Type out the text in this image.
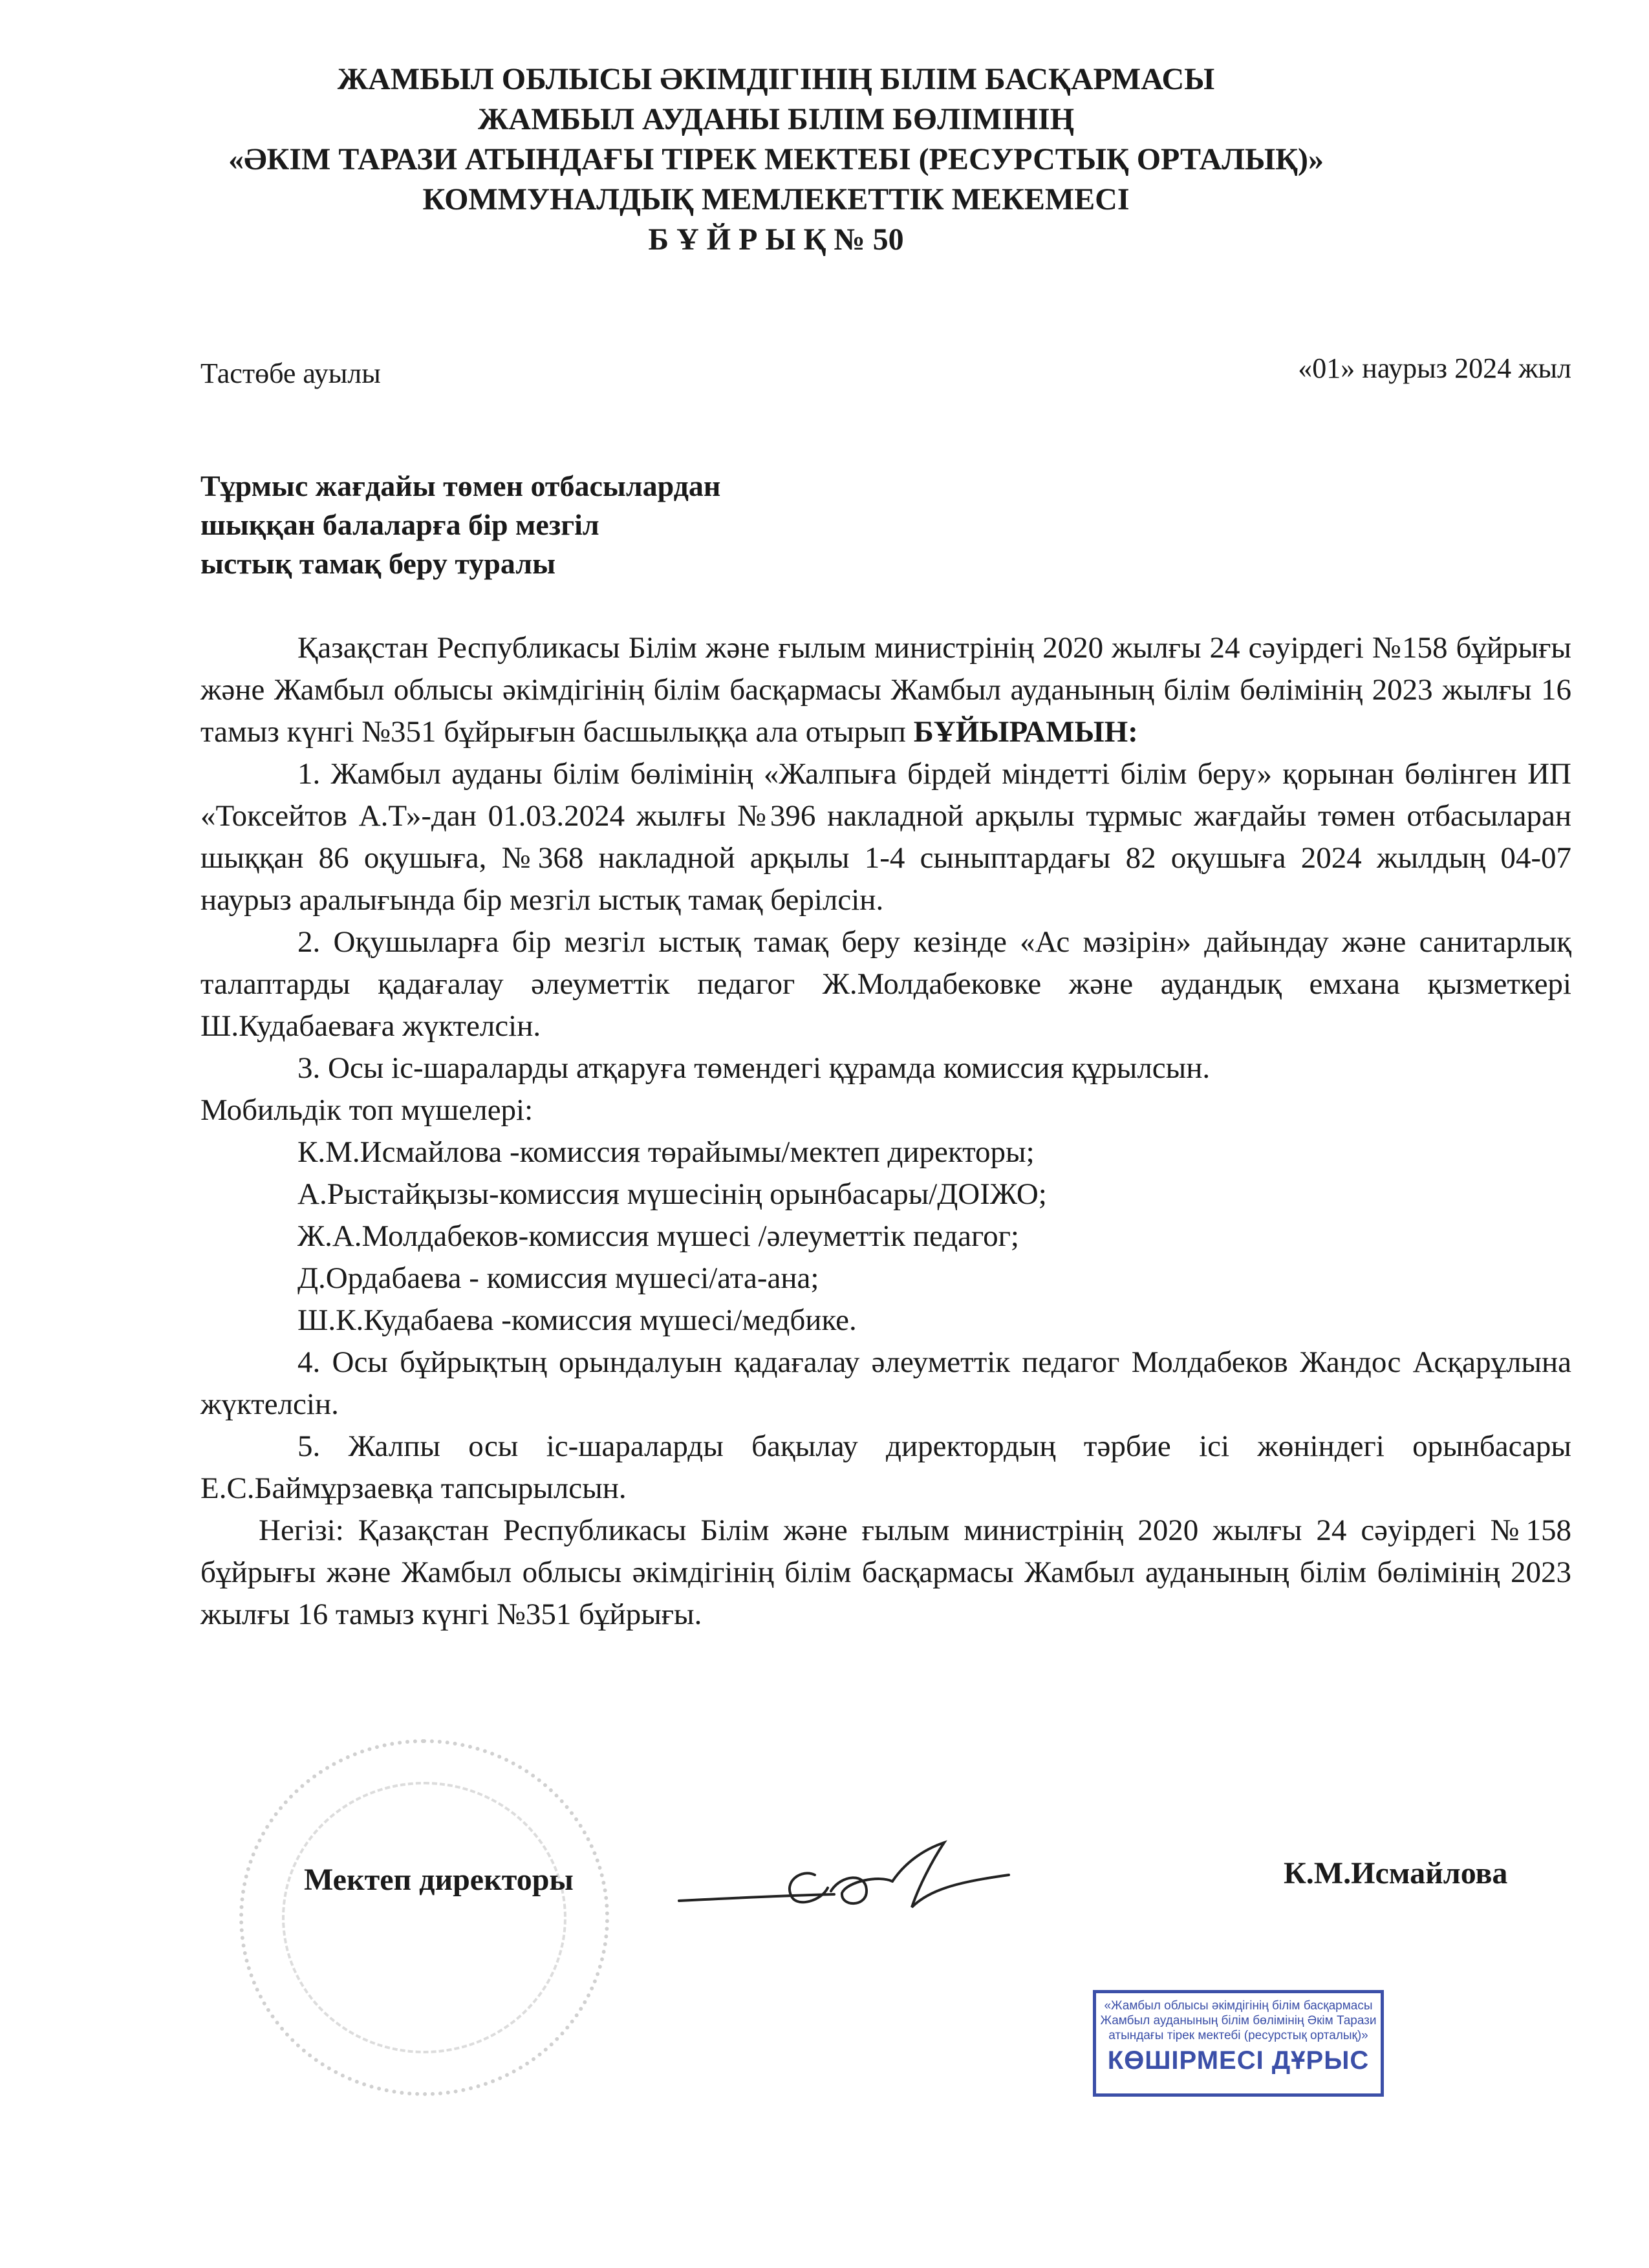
ЖАМБЫЛ ОБЛЫСЫ ӘКІМДІГІНІҢ БІЛІМ БАСҚАРМАСЫ
ЖАМБЫЛ АУДАНЫ БІЛІМ БӨЛІМІНІҢ
«ӘКІМ ТАРАЗИ АТЫНДАҒЫ ТІРЕК МЕКТЕБІ (РЕСУРСТЫҚ ОРТАЛЫҚ)»
КОММУНАЛДЫҚ МЕМЛЕКЕТТІК МЕКЕМЕСІ
Б Ұ Й Р Ы Қ № 50
Тастөбе ауылы	«01» наурыз 2024 жыл
Тұрмыс жағдайы төмен отбасылардан
шыққан балаларға бір мезгіл
ыстық тамақ беру туралы

Қазақстан Республикасы Білім және ғылым министрінің 2020 жылғы 24 сәуірдегі №158 бұйрығы және Жамбыл облысы әкімдігінің білім басқармасы Жамбыл ауданының білім бөлімінің 2023 жылғы 16 тамыз күнгі №351 бұйрығын басшылыққа ала отырып БҰЙЫРАМЫН:

1. Жамбыл ауданы білім бөлімінің «Жалпыға бірдей міндетті білім беру» қорынан бөлінген ИП «Токсейтов А.Т»-дан 01.03.2024 жылғы №396 накладной арқылы тұрмыс жағдайы төмен отбасыларан шыққан 86 оқушыға, №368 накладной арқылы 1-4 сыныптардағы 82 оқушыға 2024 жылдың 04-07 наурыз аралығында бір мезгіл ыстық тамақ берілсін.

2. Оқушыларға бір мезгіл ыстық тамақ беру кезінде «Ас мәзірін» дайындау және санитарлық талаптарды қадағалау әлеуметтік педагог Ж.Молдабековке және аудандық емхана қызметкері Ш.Кудабаеваға жүктелсін.

3. Осы іс-шараларды атқаруға төмендегі құрамда комиссия құрылсын.

Мобильдік топ мүшелері:

К.М.Исмайлова -комиссия төрайымы/мектеп директоры;
А.Рыстайқызы-комиссия мүшесінің орынбасары/ДОІЖО;
Ж.А.Молдабеков-комиссия мүшесі /әлеуметтік педагог;
Д.Ордабаева - комиссия мүшесі/ата-ана;
Ш.К.Кудабаева -комиссия мүшесі/медбике.

4. Осы бұйрықтың орындалуын қадағалау әлеуметтік педагог Молдабеков Жандос Асқарұлына жүктелсін.

5. Жалпы осы іс-шараларды бақылау директордың тәрбие ісі жөніндегі орынбасары Е.С.Баймұрзаевқа тапсырылсын.

Негізі: Қазақстан Республикасы Білім және ғылым министрінің 2020 жылғы 24 сәуірдегі №158 бұйрығы және Жамбыл облысы әкімдігінің білім басқармасы Жамбыл ауданының білім бөлімінің 2023 жылғы 16 тамыз күнгі №351 бұйрығы.

Мектеп директоры	К.М.Исмайлова
«Жамбыл облысы әкімдігінің білім басқармасы Жамбыл ауданының білім бөлімінің Әкім Тарази атындағы тірек мектебі (ресурстық орталық)»
КӨШІРМЕСІ ДҰРЫС
